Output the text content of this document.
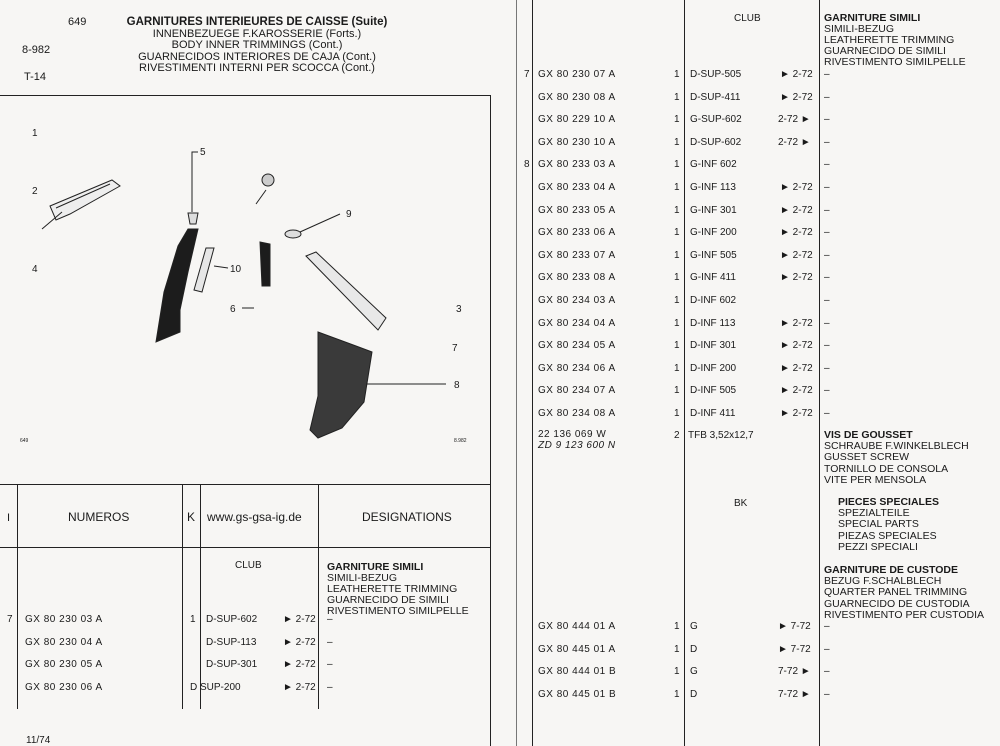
649
8-982
T-14
GARNITURES INTERIEURES DE CAISSE (Suite)
INNENBEZUEGE F.KAROSSERIE (Forts.)
BODY INNER TRIMMINGS (Cont.)
GUARNECIDOS INTERIORES DE CAJA (Cont.)
RIVESTIMENTI INTERNI PER SCOCCA (Cont.)
1
2
3
4
5
6
7
8
9
10
649	8.982
I	NUMEROS	K www.gs-gsa-ig.de	DESIGNATIONS
CLUB	GARNITURE SIMILI
SIMILI-BEZUG
LEATHERETTE TRIMMING
GUARNECIDO DE SIMILI
RIVESTIMENTO SIMILPELLE
7 GX 80 230 03 A	1 D-SUP-602	► 2-72 –
GX 80 230 04 A	D-SUP-113	► 2-72 –
GX 80 230 05 A	D-SUP-301	► 2-72 –
GX 80 230 06 A	D SUP-200	► 2-72 –
11/74
CLUB	GARNITURE SIMILI
SIMILI-BEZUG
LEATHERETTE TRIMMING
GUARNECIDO DE SIMILI
RIVESTIMENTO SIMILPELLE
7 GX 80 230 07 A	1 D-SUP-505	► 2-72 –
GX 80 230 08 A	1 D-SUP-411	► 2-72 –
GX 80 229 10 A	1 G-SUP-602	2-72 ► –
GX 80 230 10 A	1 D-SUP-602	2-72 ► –
8 GX 80 233 03 A	1 G-INF 602	–
GX 80 233 04 A	1 G-INF 113	► 2-72 –
GX 80 233 05 A	1 G-INF 301	► 2-72 –
GX 80 233 06 A	1 G-INF 200	► 2-72 –
GX 80 233 07 A	1 G-INF 505	► 2-72 –
GX 80 233 08 A	1 G-INF 411	► 2-72 –
GX 80 234 03 A	1 D-INF 602	–
GX 80 234 04 A	1 D-INF 113	► 2-72 –
GX 80 234 05 A	1 D-INF 301	► 2-72 –
GX 80 234 06 A	1 D-INF 200	► 2-72 –
GX 80 234 07 A	1 D-INF 505	► 2-72 –
GX 80 234 08 A	1 D-INF 411	► 2-72 –
22 136 069 W
ZD 9 123 600 N
2 TFB 3,52x12,7	VIS DE GOUSSET
SCHRAUBE F.WINKELBLECH
GUSSET SCREW
TORNILLO DE CONSOLA
VITE PER MENSOLA
BK	PIECES SPECIALES
SPEZIALTEILE
SPECIAL PARTS
PIEZAS SPECIALES
PEZZI SPECIALI
GARNITURE DE CUSTODE
BEZUG F.SCHALBLECH
QUARTER PANEL TRIMMING
GUARNECIDO DE CUSTODIA
RIVESTIMENTO PER CUSTODIA
GX 80 444 01 A	1 G	► 7-72 –
GX 80 445 01 A	1 D	► 7-72 –
GX 80 444 01 B	1 G	7-72 ► –
GX 80 445 01 B	1 D	7-72 ► –
